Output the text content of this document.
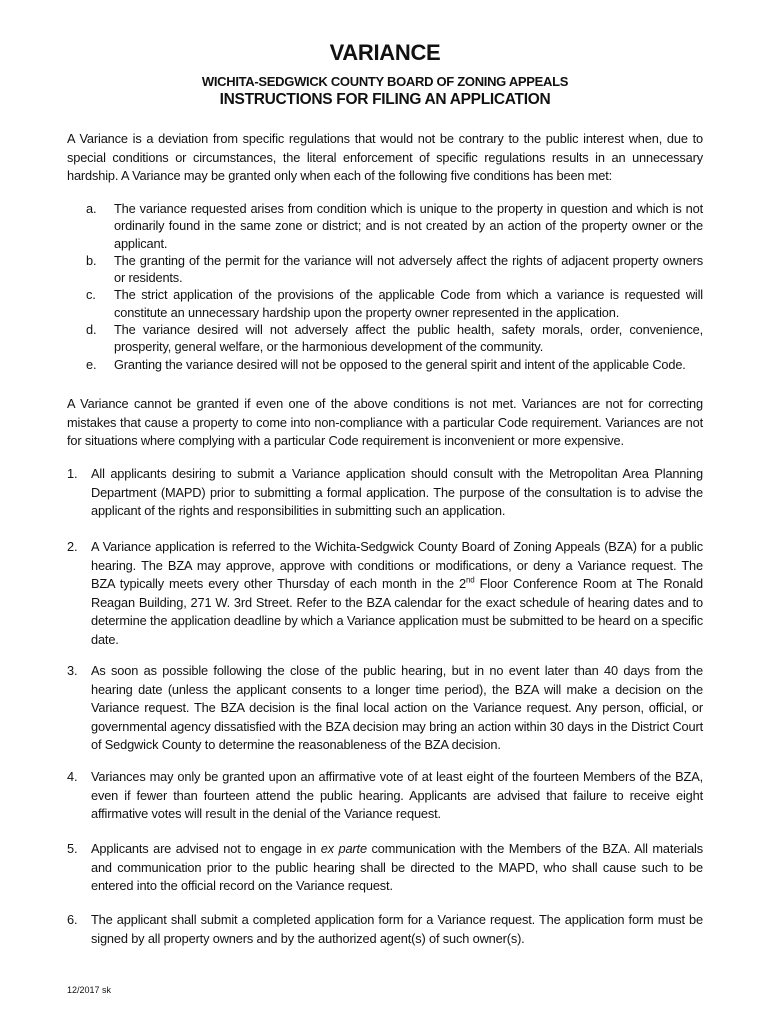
VARIANCE
WICHITA-SEDGWICK COUNTY BOARD OF ZONING APPEALS
INSTRUCTIONS FOR FILING AN APPLICATION
A Variance is a deviation from specific regulations that would not be contrary to the public interest when, due to special conditions or circumstances, the literal enforcement of specific regulations results in an unnecessary hardship. A Variance may be granted only when each of the following five conditions has been met:
a. The variance requested arises from condition which is unique to the property in question and which is not ordinarily found in the same zone or district; and is not created by an action of the property owner or the applicant.
b. The granting of the permit for the variance will not adversely affect the rights of adjacent property owners or residents.
c. The strict application of the provisions of the applicable Code from which a variance is requested will constitute an unnecessary hardship upon the property owner represented in the application.
d. The variance desired will not adversely affect the public health, safety morals, order, convenience, prosperity, general welfare, or the harmonious development of the community.
e. Granting the variance desired will not be opposed to the general spirit and intent of the applicable Code.
A Variance cannot be granted if even one of the above conditions is not met. Variances are not for correcting mistakes that cause a property to come into non-compliance with a particular Code requirement. Variances are not for situations where complying with a particular Code requirement is inconvenient or more expensive.
1. All applicants desiring to submit a Variance application should consult with the Metropolitan Area Planning Department (MAPD) prior to submitting a formal application. The purpose of the consultation is to advise the applicant of the rights and responsibilities in submitting such an application.
2. A Variance application is referred to the Wichita-Sedgwick County Board of Zoning Appeals (BZA) for a public hearing. The BZA may approve, approve with conditions or modifications, or deny a Variance request. The BZA typically meets every other Thursday of each month in the 2nd Floor Conference Room at The Ronald Reagan Building, 271 W. 3rd Street. Refer to the BZA calendar for the exact schedule of hearing dates and to determine the application deadline by which a Variance application must be submitted to be heard on a specific date.
3. As soon as possible following the close of the public hearing, but in no event later than 40 days from the hearing date (unless the applicant consents to a longer time period), the BZA will make a decision on the Variance request. The BZA decision is the final local action on the Variance request. Any person, official, or governmental agency dissatisfied with the BZA decision may bring an action within 30 days in the District Court of Sedgwick County to determine the reasonableness of the BZA decision.
4. Variances may only be granted upon an affirmative vote of at least eight of the fourteen Members of the BZA, even if fewer than fourteen attend the public hearing. Applicants are advised that failure to receive eight affirmative votes will result in the denial of the Variance request.
5. Applicants are advised not to engage in ex parte communication with the Members of the BZA. All materials and communication prior to the public hearing shall be directed to the MAPD, who shall cause such to be entered into the official record on the Variance request.
6. The applicant shall submit a completed application form for a Variance request. The application form must be signed by all property owners and by the authorized agent(s) of such owner(s).
12/2017 sk
